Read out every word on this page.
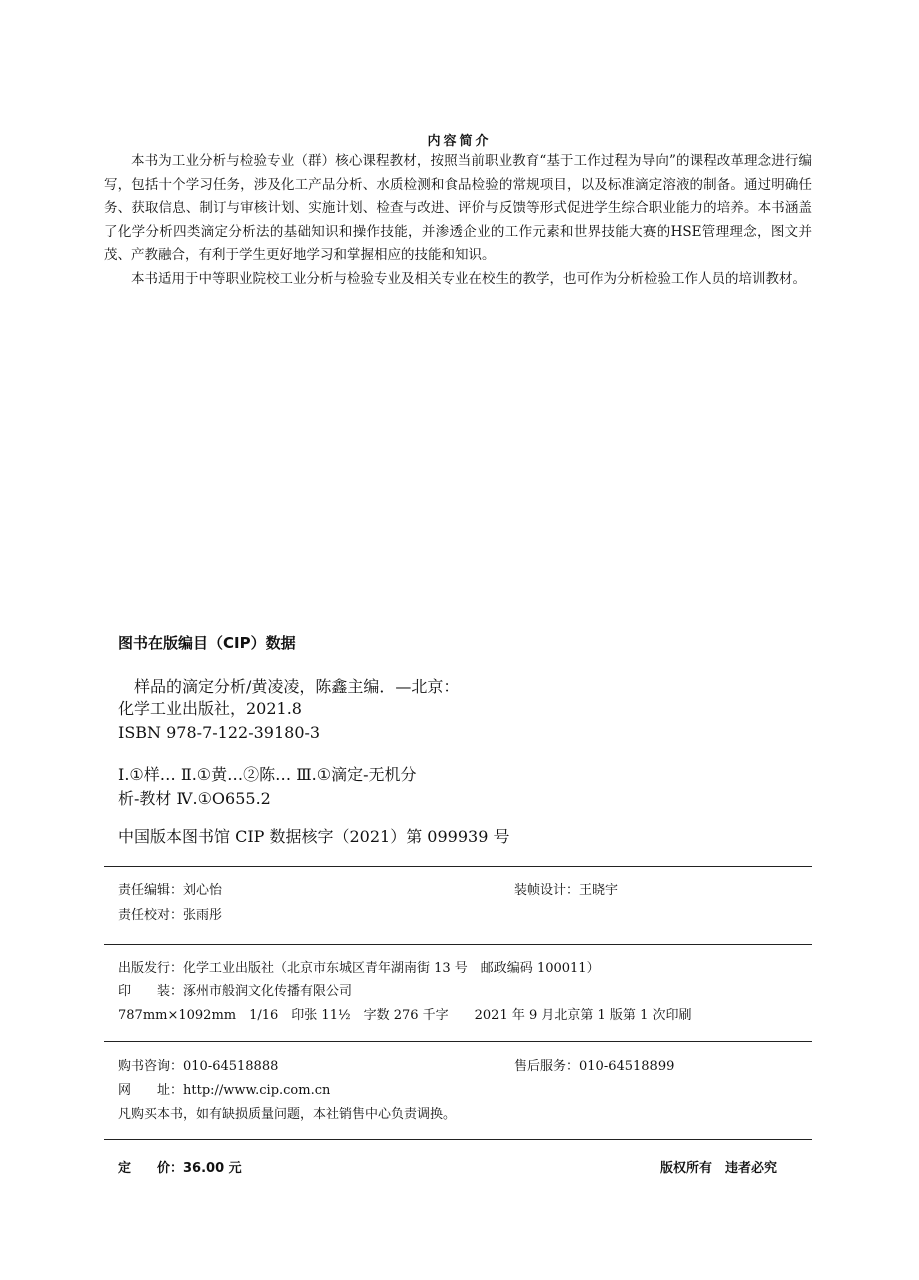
内容简介

本书为工业分析与检验专业（群）核心课程教材，按照当前职业教育“基于工作过程为导向”的课程改革理念进行编写，包括十个学习任务，涉及化工产品分析、水质检测和食品检验的常规项目，以及标准滴定溶液的制备。通过明确任务、获取信息、制订与审核计划、实施计划、检查与改进、评价与反馈等形式促进学生综合职业能力的培养。本书涵盖了化学分析四类滴定分析法的基础知识和操作技能，并渗透企业的工作元素和世界技能大赛的HSE管理理念，图文并茂、产教融合，有利于学生更好地学习和掌握相应的技能和知识。

本书适用于中等职业院校工业分析与检验专业及相关专业在校生的教学，也可作为分析检验工作人员的培训教材。

图书在版编目（CIP）数据
样品的滴定分析/黄凌凌，陈鑫主编．—北京：
化学工业出版社，2021.8
ISBN 978-7-122-39180-3
Ⅰ.①样… Ⅱ.①黄…②陈… Ⅲ.①滴定-无机分
析-教材 Ⅳ.①O655.2
中国版本图书馆 CIP 数据核字（2021）第 099939 号
责任编辑：刘心怡	装帧设计：王晓宇
责任校对：张雨彤
出版发行：化学工业出版社（北京市东城区青年湖南街 13 号　邮政编码 100011）
印　　装：涿州市般润文化传播有限公司
787mm×1092mm　1/16　印张 11½　字数 276 千字　　2021 年 9 月北京第 1 版第 1 次印刷
购书咨询：010-64518888	售后服务：010-64518899
网　　址：http://www.cip.com.cn
凡购买本书，如有缺损质量问题，本社销售中心负责调换。
定　　价：36.00 元	版权所有　违者必究
